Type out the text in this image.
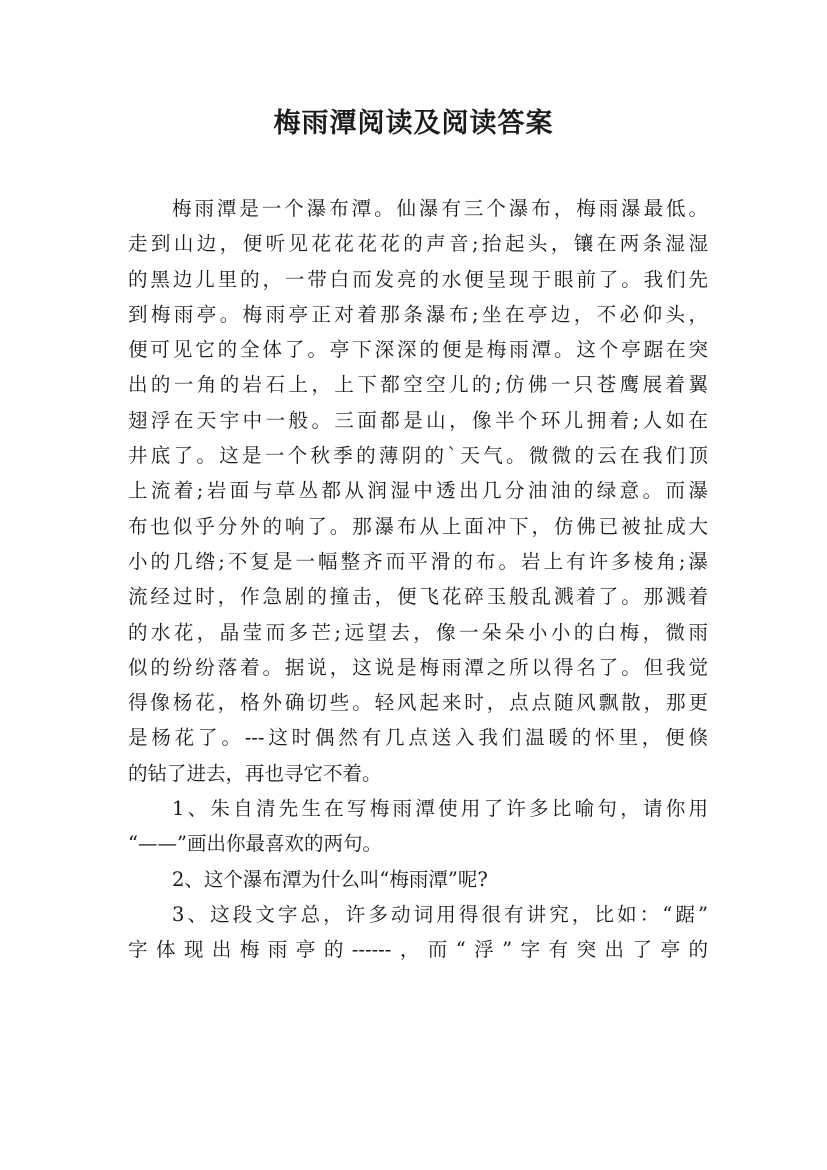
梅雨潭阅读及阅读答案
梅雨潭是一个瀑布潭。仙瀑有三个瀑布，梅雨瀑最低。
走到山边，便听见花花花花的声音;抬起头，镶在两条湿湿
的黑边儿里的，一带白而发亮的水便呈现于眼前了。我们先
到梅雨亭。梅雨亭正对着那条瀑布;坐在亭边，不必仰头，
便可见它的全体了。亭下深深的便是梅雨潭。这个亭踞在突
出的一角的岩石上，上下都空空儿的;仿佛一只苍鹰展着翼
翅浮在天宇中一般。三面都是山，像半个环儿拥着;人如在
井底了。这是一个秋季的薄阴的`天气。微微的云在我们顶
上流着;岩面与草丛都从润湿中透出几分油油的绿意。而瀑
布也似乎分外的响了。那瀑布从上面冲下，仿佛已被扯成大
小的几绺;不复是一幅整齐而平滑的布。岩上有许多棱角;瀑
流经过时，作急剧的撞击，便飞花碎玉般乱溅着了。那溅着
的水花，晶莹而多芒;远望去，像一朵朵小小的白梅，微雨
似的纷纷落着。据说，这说是梅雨潭之所以得名了。但我觉
得像杨花，格外确切些。轻风起来时，点点随风飘散，那更
是杨花了。---这时偶然有几点送入我们温暖的怀里，便倏
的钻了进去，再也寻它不着。
1、朱自清先生在写梅雨潭使用了许多比喻句，请你用
“——”画出你最喜欢的两句。
2、这个瀑布潭为什么叫“梅雨潭”呢?
3、这段文字总，许多动词用得很有讲究，比如：“踞”
字体现出梅雨亭的------，而“浮”字有突出了亭的
